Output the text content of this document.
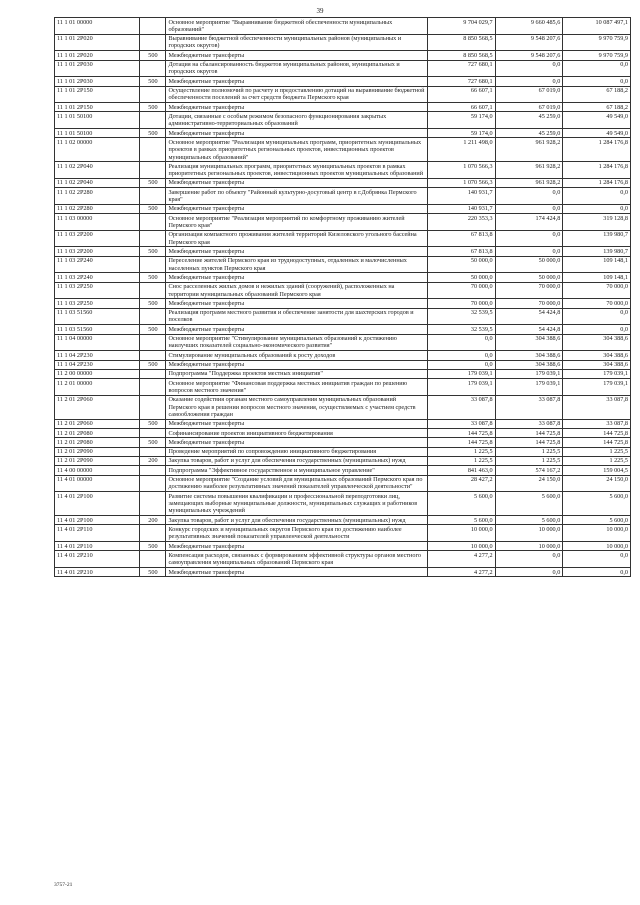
39
11 1 01 00000		Основное мероприятие "Выравнивание бюджетной обеспеченности муниципальных образований"	9 704 029,7	9 660 485,6	10 087 497,1
11 1 01 2Р020		Выравнивание бюджетной обеспеченности муниципальных районов (муниципальных и городских округов)	8 850 568,5	9 548 207,6	9 970 759,9
11 1 01 2Р020	500	Межбюджетные трансферты	8 850 568,5	9 548 207,6	9 970 759,9
11 1 01 2Р030		Дотация на сбалансированность бюджетов муниципальных районов, муниципальных и городских округов	727 680,1	0,0	0,0
11 1 01 2Р030	500	Межбюджетные трансферты	727 680,1	0,0	0,0
11 1 01 2Р150		Осуществление полномочий по расчету и предоставлению дотаций на выравнивание бюджетной обеспеченности поселений за счет средств бюджета Пермского края	66 607,1	67 019,0	67 188,2
11 1 01 2Р150	500	Межбюджетные трансферты	66 607,1	67 019,0	67 188,2
11 1 01 50100		Дотации, связанные с особым режимом безопасного функционирования закрытых административно-территориальных образований	59 174,0	45 259,0	49 549,0
11 1 01 50100	500	Межбюджетные трансферты	59 174,0	45 259,0	49 549,0
11 1 02 00000		Основное мероприятие "Реализация муниципальных программ, приоритетных муниципальных проектов в рамках приоритетных региональных проектов, инвестиционных проектов муниципальных образований"	1 211 498,0	961 928,2	1 284 176,8
11 1 02 2Р040		Реализация муниципальных программ, приоритетных муниципальных проектов в рамках приоритетных региональных проектов, инвестиционных проектов муниципальных образований	1 070 566,3	961 928,2	1 284 176,8
11 1 02 2Р040	500	Межбюджетные трансферты	1 070 566,3	961 928,2	1 284 176,8
11 1 02 2Р280		Завершение работ по объекту "Районный культурно-досуговый центр в г.Добрянка Пермского края"	140 931,7	0,0	0,0
11 1 02 2Р280	500	Межбюджетные трансферты	140 931,7	0,0	0,0
11 1 03 00000		Основное мероприятие "Реализация мероприятий по комфортному проживанию жителей Пермского края"	220 353,3	174 424,8	319 128,8
11 1 03 2Р200		Организация компактного проживания жителей территорий Кизеловского угольного бассейна Пермского края	67 813,8	0,0	139 980,7
11 1 03 2Р200	500	Межбюджетные трансферты	67 813,8	0,0	139 980,7
11 1 03 2Р240		Переселение жителей Пермского края из труднодоступных, отдаленных и малочисленных населенных пунктов Пермского края	50 000,0	50 000,0	109 148,1
11 1 03 2Р240	500	Межбюджетные трансферты	50 000,0	50 000,0	109 148,1
11 1 03 2Р250		Снос расселенных жилых домов и нежилых зданий (сооружений), расположенных на территории муниципальных образований Пермского края	70 000,0	70 000,0	70 000,0
11 1 03 2Р250	500	Межбюджетные трансферты	70 000,0	70 000,0	70 000,0
11 1 03 51560		Реализация программ местного развития и обеспечение занятости для шахтерских городов и поселков	32 539,5	54 424,8	0,0
11 1 03 51560	500	Межбюджетные трансферты	32 539,5	54 424,8	0,0
11 1 04 00000		Основное мероприятие "Стимулирование муниципальных образований к достижению наилучших показателей социально-экономического развития"	0,0	304 388,6	304 388,6
11 1 04 2Р230		Стимулирование муниципальных образований к росту доходов	0,0	304 388,6	304 388,6
11 1 04 2Р230	500	Межбюджетные трансферты	0,0	304 388,6	304 388,6
11 2 00 00000		Подпрограмма "Поддержка проектов местных инициатив"	179 039,1	179 039,1	179 039,1
11 2 01 00000		Основное мероприятие "Финансовая поддержка местных инициатив граждан по решению вопросов местного значения"	179 039,1	179 039,1	179 039,1
11 2 01 2Р060		Оказание содействия органам местного самоуправления муниципальных образований Пермского края в решении вопросов местного значения, осуществляемых с участием средств самообложения граждан	33 087,8	33 087,8	33 087,8
11 2 01 2Р060	500	Межбюджетные трансферты	33 087,8	33 087,8	33 087,8
11 2 01 2Р080		Софинансирование проектов инициативного бюджетирования	144 725,8	144 725,8	144 725,8
11 2 01 2Р080	500	Межбюджетные трансферты	144 725,8	144 725,8	144 725,8
11 2 01 2Р090		Проведение мероприятий по сопровождению инициативного бюджетирования	1 225,5	1 225,5	1 225,5
11 2 01 2Р090	200	Закупка товаров, работ и услуг для обеспечения государственных (муниципальных) нужд	1 225,5	1 225,5	1 225,5
11 4 00 00000		Подпрограмма "Эффективное государственное и муниципальное управление"	841 463,0	574 167,2	159 004,5
11 4 01 00000		Основное мероприятие "Создание условий для муниципальных образований Пермского края по достижению наиболее результативных значений показателей управленческой деятельности"	28 427,2	24 150,0	24 150,0
11 4 01 2Р100		Развитие системы повышения квалификации и профессиональной переподготовки лиц, замещающих выборные муниципальные должности, муниципальных служащих и работников муниципальных учреждений	5 600,0	5 600,0	5 600,0
11 4 01 2Р100	200	Закупка товаров, работ и услуг для обеспечения государственных (муниципальных) нужд	5 600,0	5 600,0	5 600,0
11 4 01 2Р110		Конкурс городских и муниципальных округов Пермского края по достижению наиболее результативных значений показателей управленческой деятельности	10 000,0	10 000,0	10 000,0
11 4 01 2Р110	500	Межбюджетные трансферты	10 000,0	10 000,0	10 000,0
11 4 01 2Р210		Компенсация расходов, связанных с формированием эффективной структуры органов местного самоуправления муниципальных образований Пермского края	4 277,2	0,0	0,0
11 4 01 2Р210	500	Межбюджетные трансферты	4 277,2	0,0	0,0
3757-21
